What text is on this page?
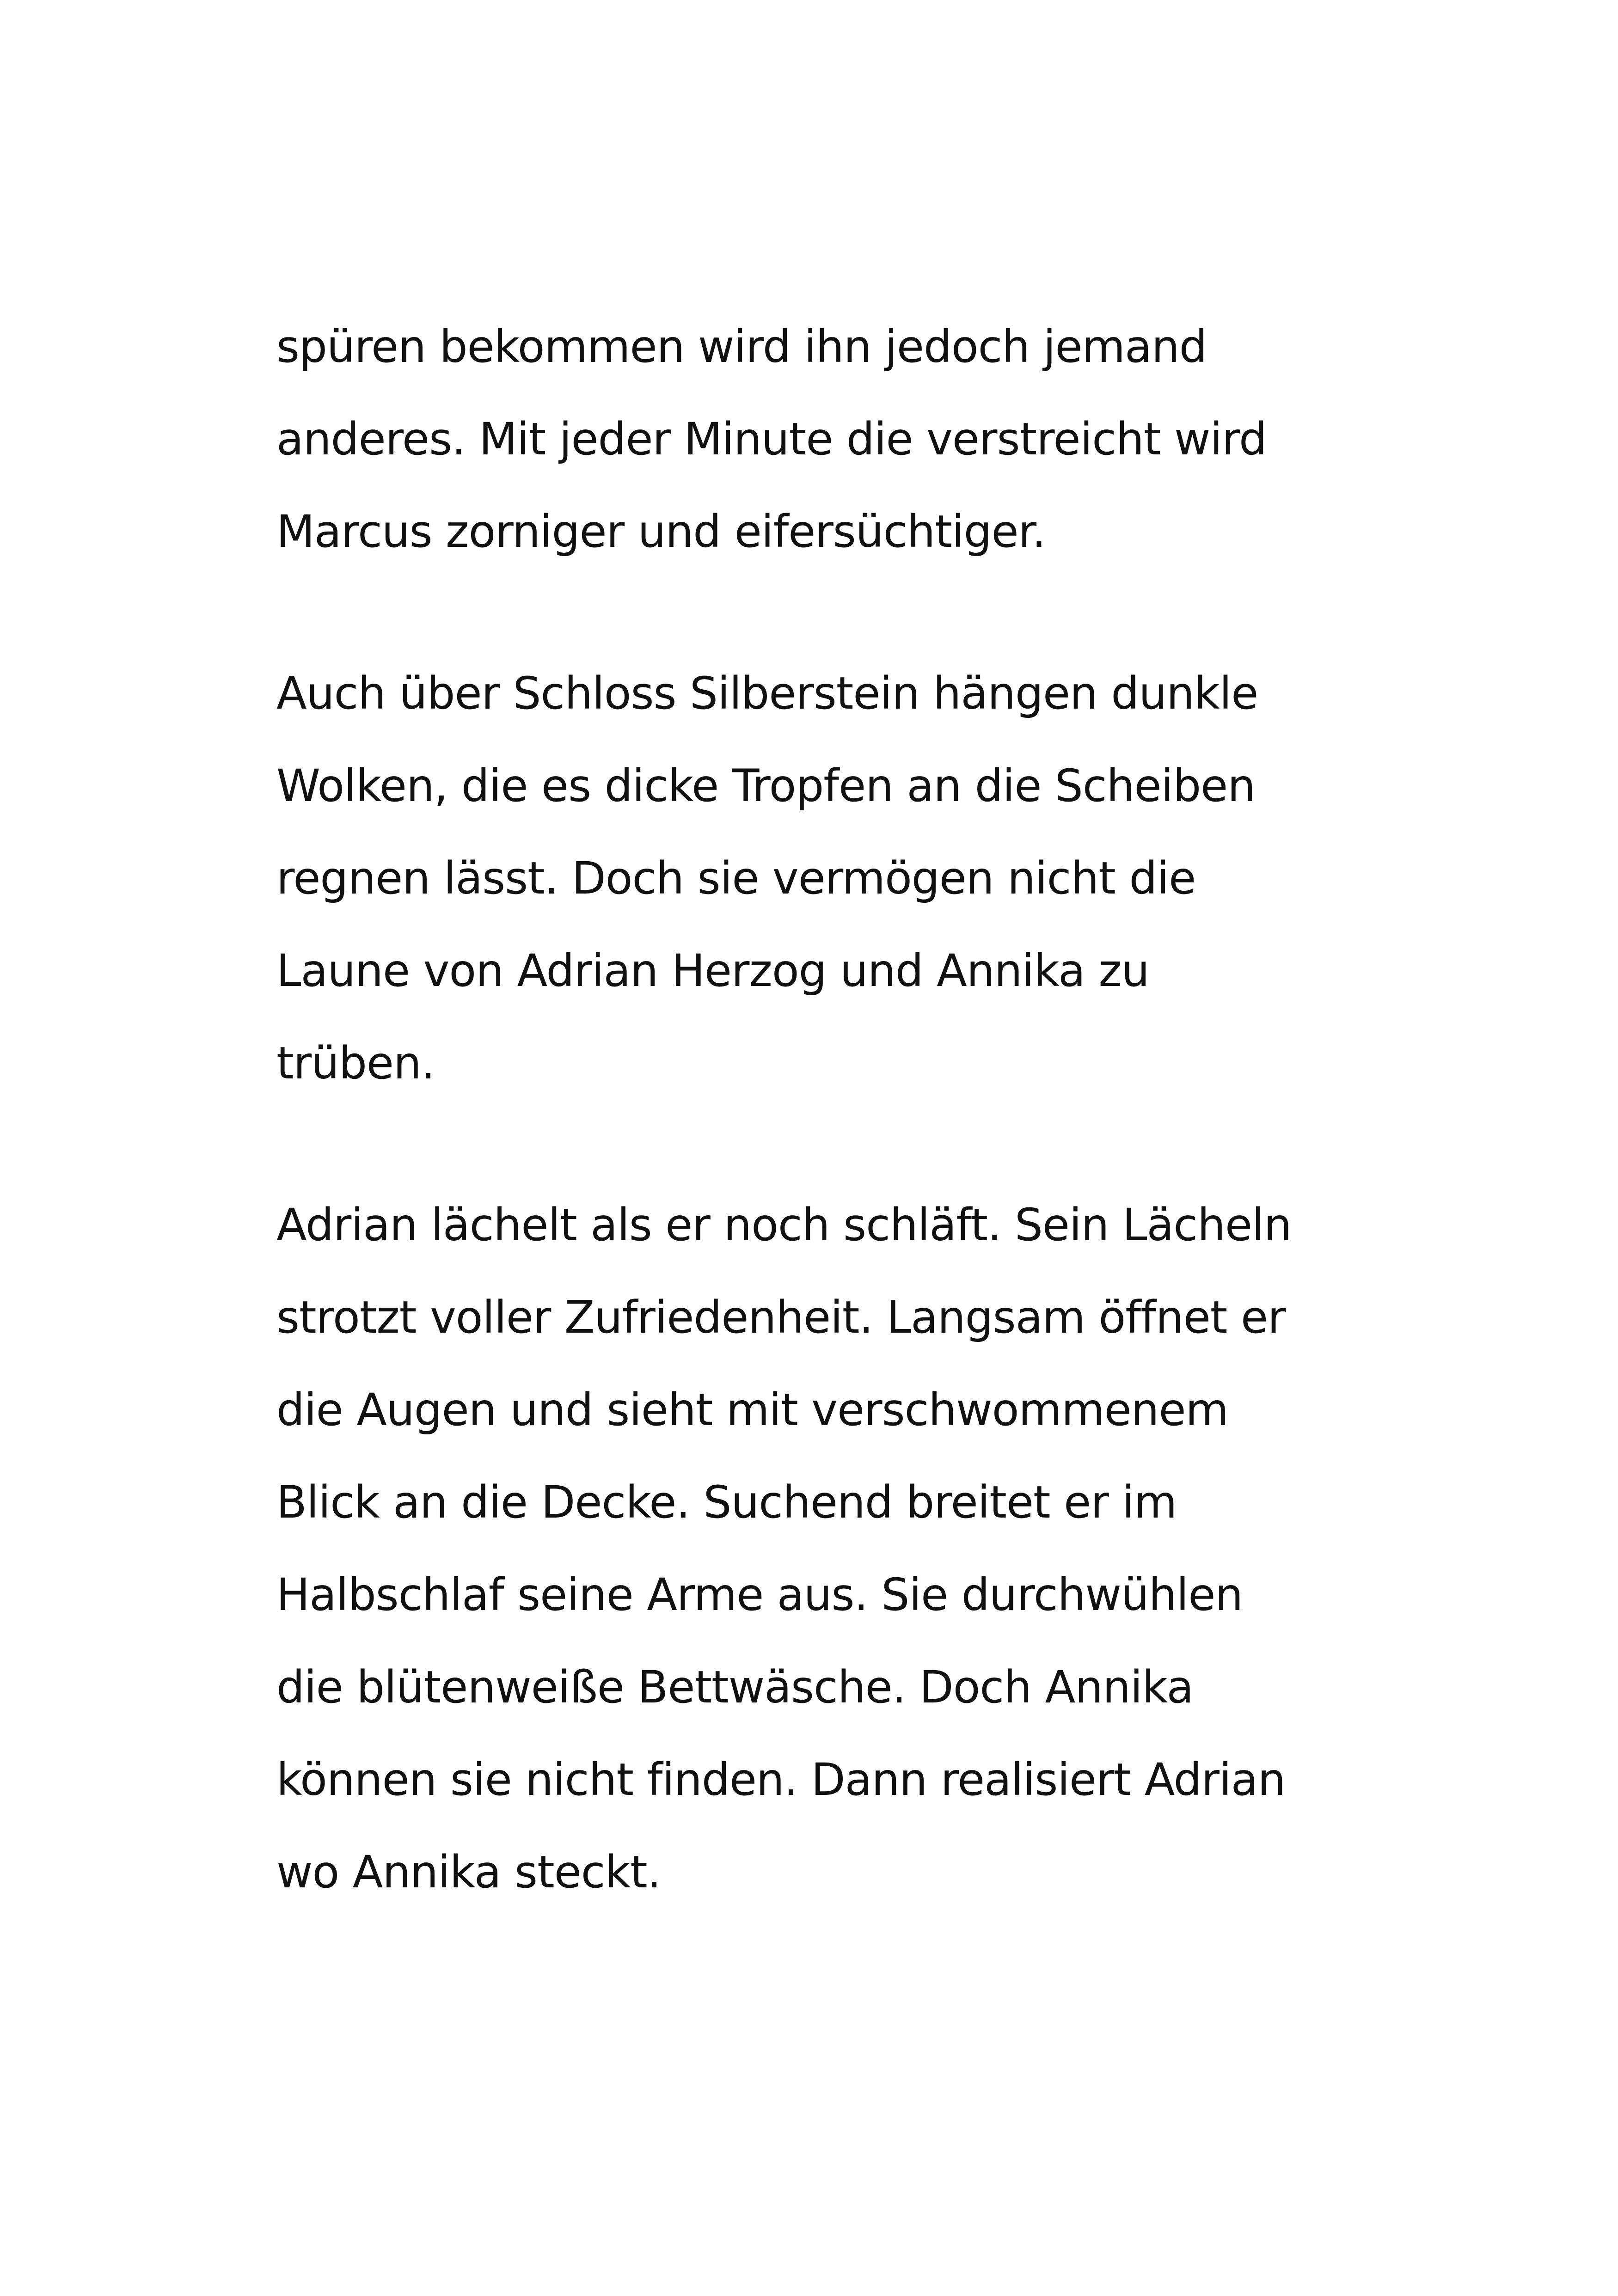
spüren bekommen wird ihn jedoch jemand
anderes. Mit jeder Minute die verstreicht wird
Marcus zorniger und eifersüchtiger.
Auch über Schloss Silberstein hängen dunkle
Wolken, die es dicke Tropfen an die Scheiben
regnen lässt. Doch sie vermögen nicht die
Laune von Adrian Herzog und Annika zu
trüben.
Adrian lächelt als er noch schläft. Sein Lächeln
strotzt voller Zufriedenheit. Langsam öffnet er
die Augen und sieht mit verschwommenem
Blick an die Decke. Suchend breitet er im
Halbschlaf seine Arme aus. Sie durchwühlen
die blütenweiße Bettwäsche. Doch Annika
können sie nicht finden. Dann realisiert Adrian
wo Annika steckt.
